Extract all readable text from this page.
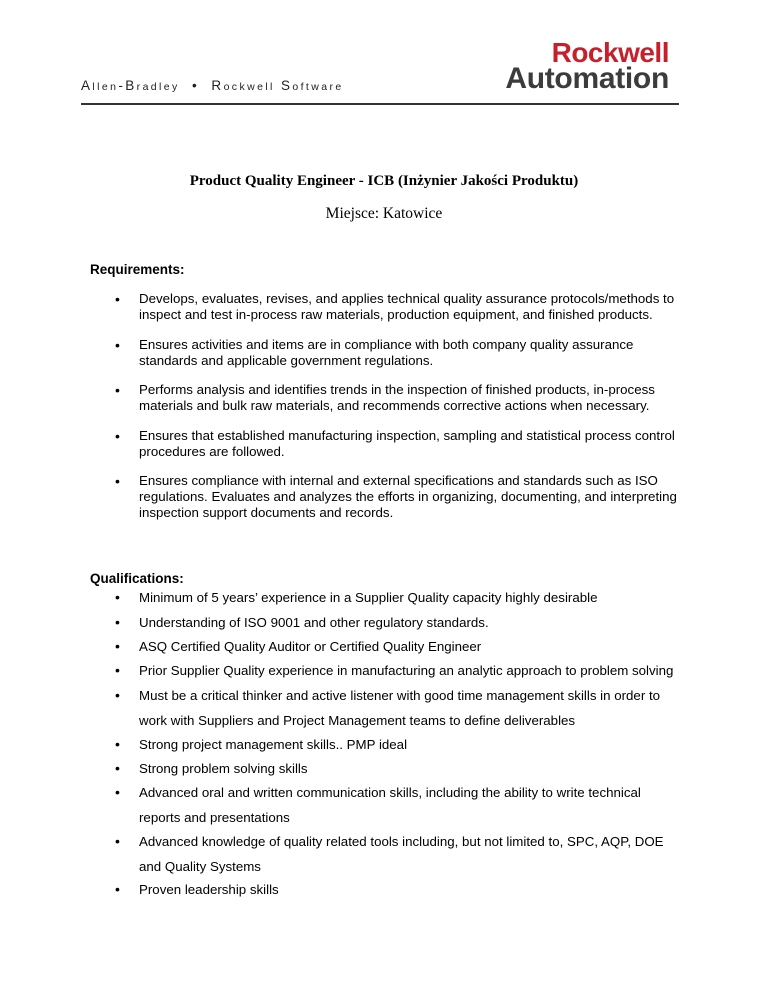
Allen-Bradley  •  Rockwell Software
Rockwell
Automation
Product Quality Engineer - ICB (Inżynier Jakości Produktu)
Miejsce: Katowice
Requirements:
• Develops, evaluates, revises, and applies technical quality assurance protocols/methods to inspect and test in-process raw materials, production equipment, and finished products.
• Ensures activities and items are in compliance with both company quality assurance standards and applicable government regulations.
• Performs analysis and identifies trends in the inspection of finished products, in-process materials and bulk raw materials, and recommends corrective actions when necessary.
• Ensures that established manufacturing inspection, sampling and statistical process control procedures are followed.
• Ensures compliance with internal and external specifications and standards such as ISO regulations. Evaluates and analyzes the efforts in organizing, documenting, and interpreting inspection support documents and records.
Qualifications:
• Minimum of 5 years’ experience in a Supplier Quality capacity highly desirable
• Understanding of ISO 9001 and other regulatory standards.
• ASQ Certified Quality Auditor or Certified Quality Engineer
• Prior Supplier Quality experience in manufacturing an analytic approach to problem solving
• Must be a critical thinker and active listener with good time management skills in order to work with Suppliers and Project Management teams to define deliverables
• Strong project management skills.. PMP ideal
• Strong problem solving skills
• Advanced oral and written communication skills, including the ability to write technical reports and presentations
• Advanced knowledge of quality related tools including, but not limited to, SPC, AQP, DOE and Quality Systems
• Proven leadership skills
